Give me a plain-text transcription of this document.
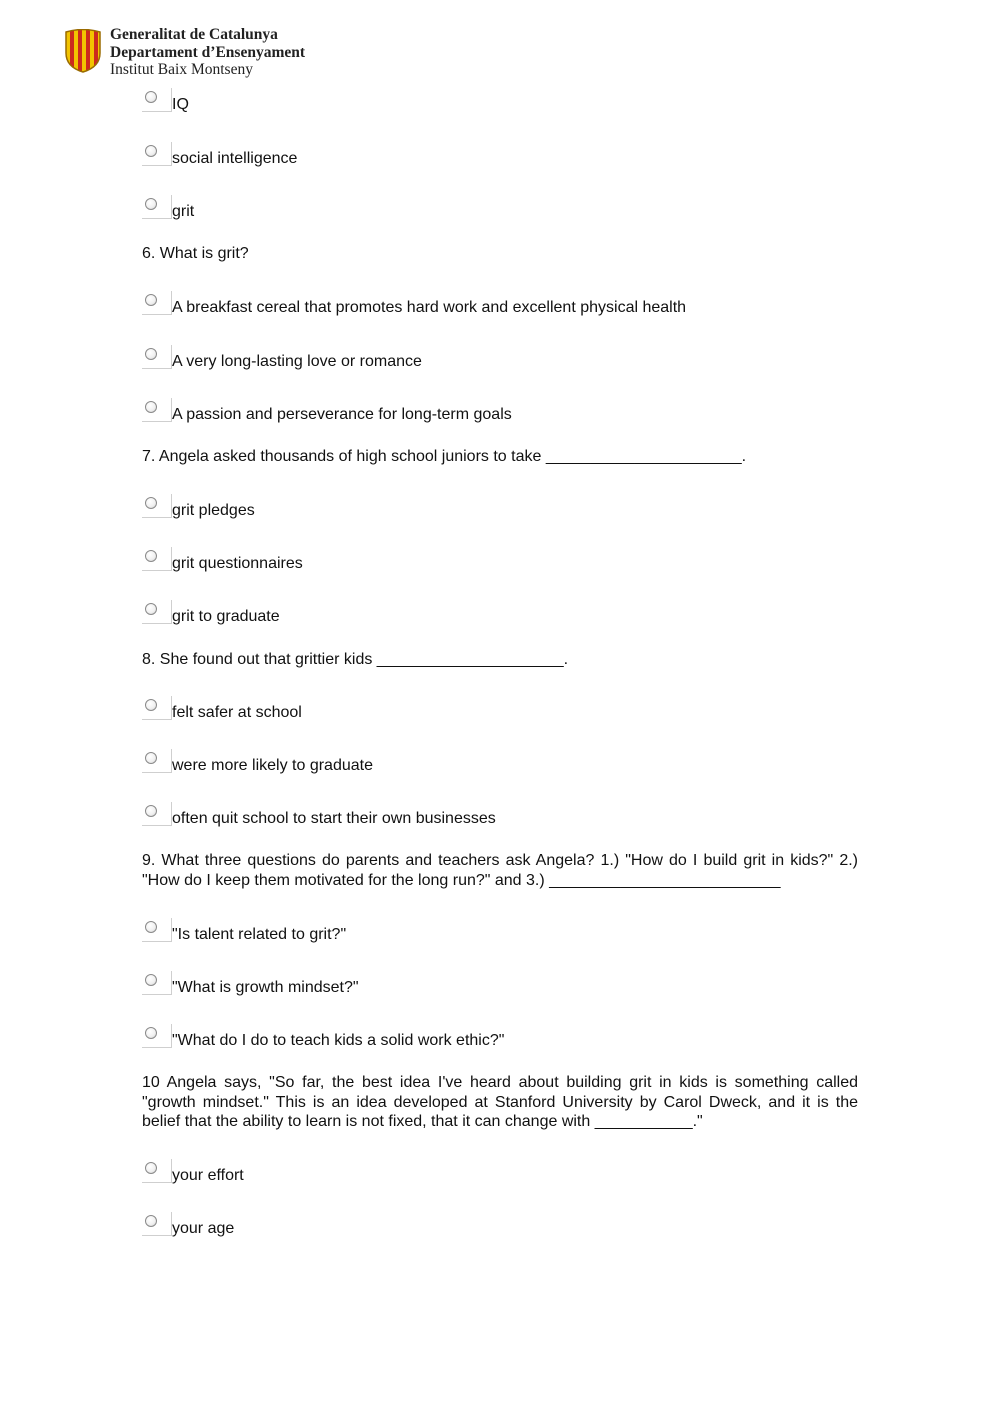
Generalitat de Catalunya
Departament d’Ensenyament
Institut Baix Montseny
IQ
social intelligence
grit
6. What is grit?
A breakfast cereal that promotes hard work and excellent physical health
A very long-lasting love or romance
A passion and perseverance for long-term goals
7. Angela asked thousands of high school juniors to take ______________________.
grit pledges
grit questionnaires
grit to graduate
8. She found out that grittier kids _____________________.
felt safer at school
were more likely to graduate
often quit school to start their own businesses
9. What three questions do parents and teachers ask Angela? 1.) "How do I build grit in kids?" 2.) "How do I keep them motivated for the long run?" and 3.) __________________________
"Is talent related to grit?"
"What is growth mindset?"
"What do I do to teach kids a solid work ethic?"
10 Angela says, "So far, the best idea I've heard about building grit in kids is something called "growth mindset." This is an idea developed at Stanford University by Carol Dweck, and it is the belief that the ability to learn is not fixed, that it can change with ___________."
your effort
your age
